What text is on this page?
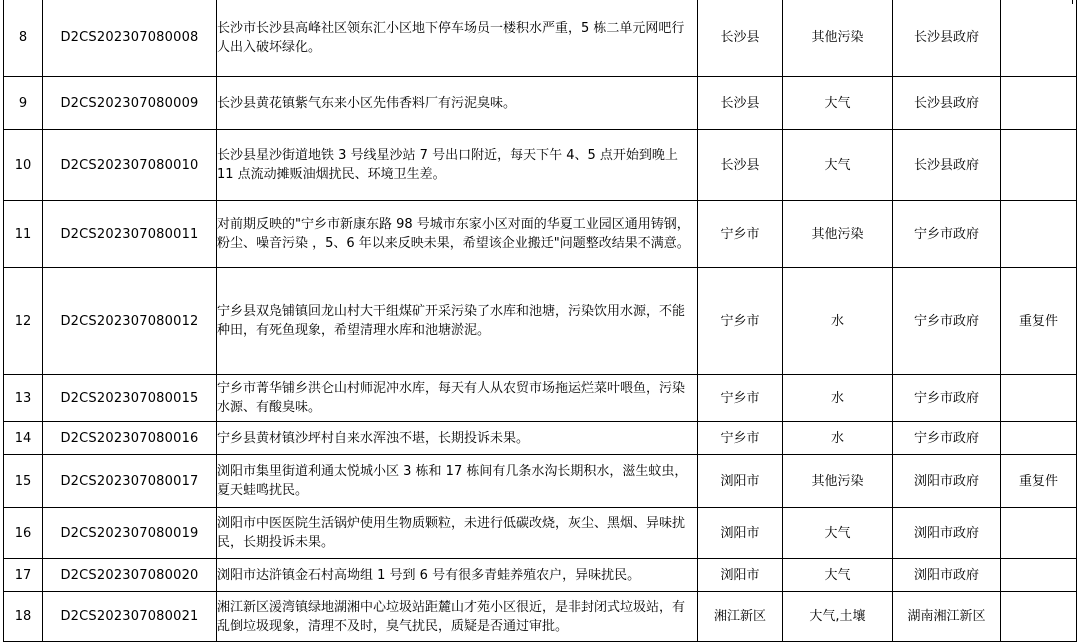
8	D2CS202307080008	长沙市长沙县高峰社区领东汇小区地下停车场员一楼积水严重，5 栋二单元网吧行人出入破坏绿化。	长沙县	其他污染	长沙县政府	
9	D2CS202307080009	长沙县黄花镇紫气东来小区先伟香料厂有污泥臭味。	长沙县	大气	长沙县政府	
10	D2CS202307080010	长沙县星沙街道地铁 3 号线星沙站 7 号出口附近，每天下午 4、5 点开始到晚上 11 点流动摊贩油烟扰民、环境卫生差。	长沙县	大气	长沙县政府	
11	D2CS202307080011	对前期反映的"宁乡市新康东路 98 号城市东家小区对面的华夏工业园区通用铸钢，粉尘、噪音污染 ，5、6 年以来反映未果，希望该企业搬迁"问题整改结果不满意。	宁乡市	其他污染	宁乡市政府	
12	D2CS202307080012	宁乡县双凫铺镇回龙山村大干组煤矿开采污染了水库和池塘，污染饮用水源，不能种田，有死鱼现象，希望清理水库和池塘淤泥。	宁乡市	水	宁乡市政府	重复件
13	D2CS202307080015	宁乡市菁华铺乡洪仑山村师泥冲水库，每天有人从农贸市场拖运烂菜叶喂鱼，污染水源、有酸臭味。	宁乡市	水	宁乡市政府	
14	D2CS202307080016	宁乡县黄材镇沙坪村自来水浑浊不堪，长期投诉未果。	宁乡市	水	宁乡市政府	
15	D2CS202307080017	浏阳市集里街道利通太悦城小区 3 栋和 17 栋间有几条水沟长期积水，滋生蚊虫，夏天蛙鸣扰民。	浏阳市	其他污染	浏阳市政府	重复件
16	D2CS202307080019	浏阳市中医医院生活锅炉使用生物质颗粒，未进行低碳改烧，灰尘、黑烟、异味扰民，长期投诉未果。	浏阳市	大气	浏阳市政府	
17	D2CS202307080020	浏阳市达浒镇金石村高坳组 1 号到 6 号有很多青蛙养殖农户，异味扰民。	浏阳市	大气	浏阳市政府	
18	D2CS202307080021	湘江新区湲湾镇绿地湖湘中心垃圾站距麓山才苑小区很近，是非封闭式垃圾站，有乱倒垃圾现象，清理不及时，臭气扰民，质疑是否通过审批。	湘江新区	大气,土壤	湖南湘江新区	
